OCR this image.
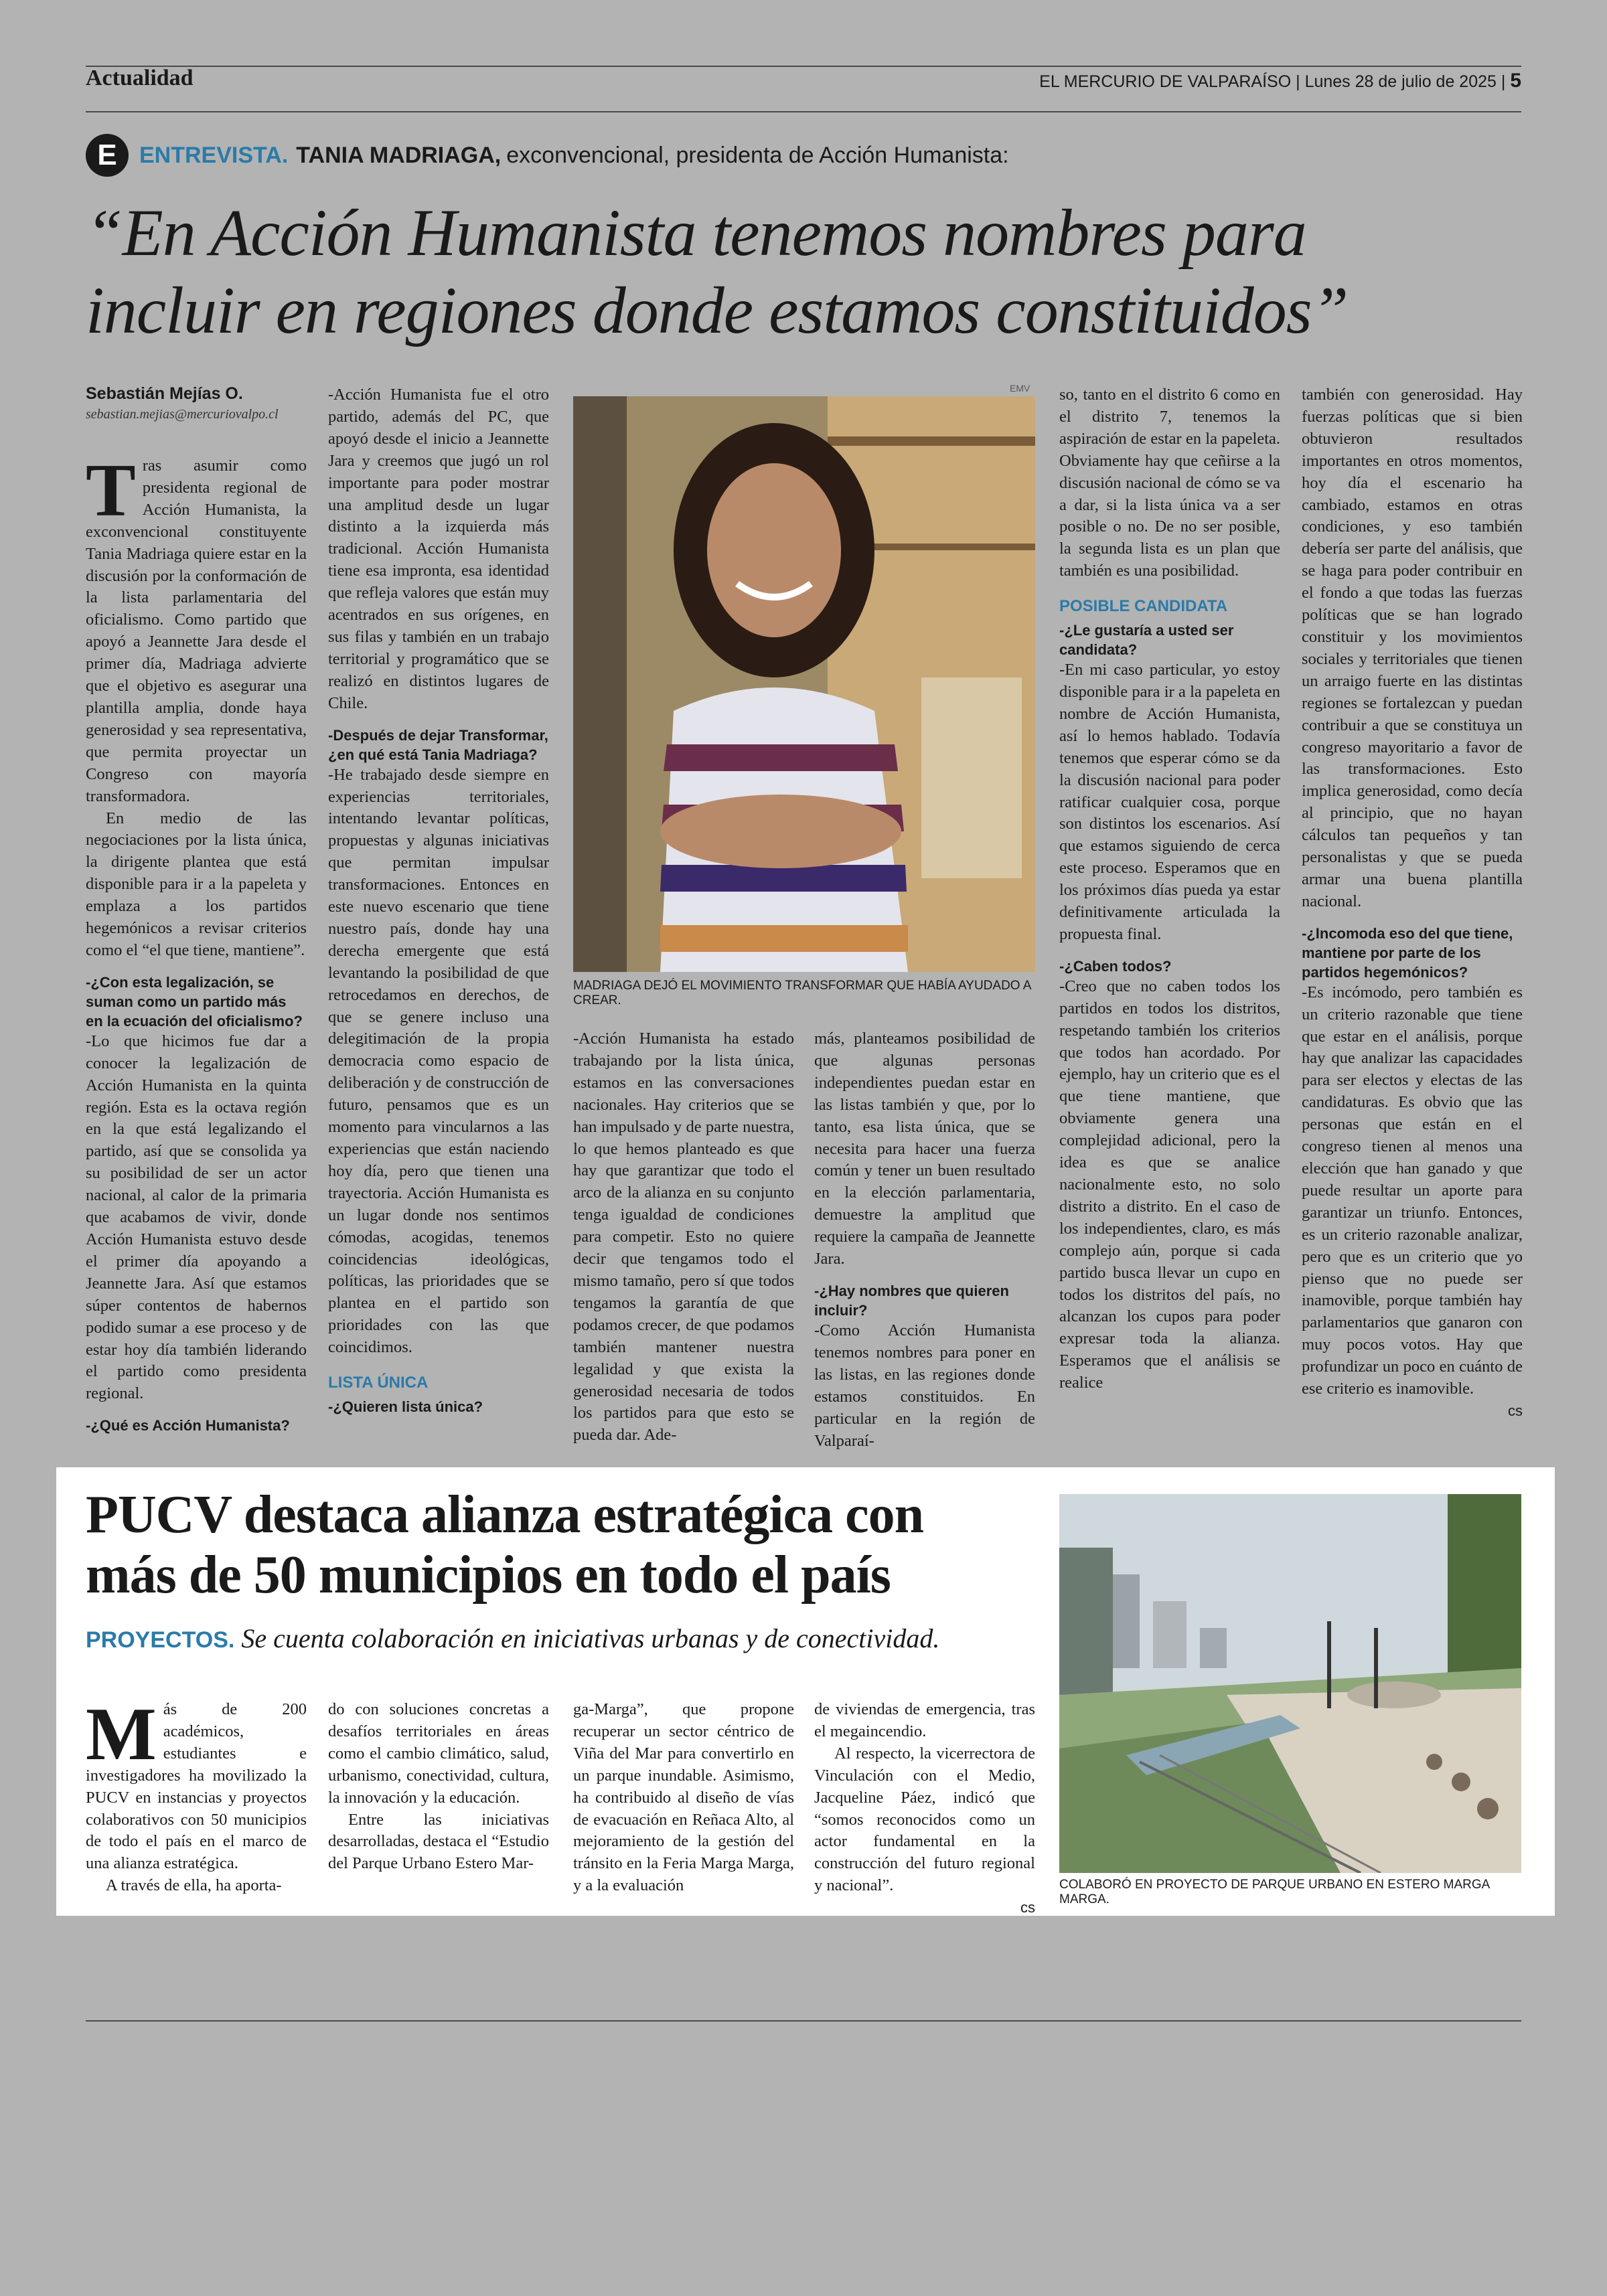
Actualidad	EL MERCURIO DE VALPARAÍSO | Lunes 28 de julio de 2025 | 5
E ENTREVISTA. TANIA MADRIAGA, exconvencional, presidenta de Acción Humanista:
“En Acción Humanista tenemos nombres para
incluir en regiones donde estamos constituidos”
Sebastián Mejías O.
sebastian.mejias@mercuriovalpo.cl

Tras asumir como presidenta regional de Acción Humanista, la exconvencional constituyente Tania Madriaga quiere estar en la discusión por la conformación de la lista parlamentaria del oficialismo. Como partido que apoyó a Jeannette Jara desde el primer día, Madriaga advierte que el objetivo es asegurar una plantilla amplia, donde haya generosidad y sea representativa, que permita proyectar un Congreso con mayoría transformadora.

En medio de las negociaciones por la lista única, la dirigente plantea que está disponible para ir a la papeleta y emplaza a los partidos hegemónicos a revisar criterios como el “el que tiene, mantiene”.

-¿Con esta legalización, se suman como un partido más en la ecuación del oficialismo?

-Lo que hicimos fue dar a conocer la legalización de Acción Humanista en la quinta región. Esta es la octava región en la que está legalizando el partido, así que se consolida ya su posibilidad de ser un actor nacional, al calor de la primaria que acabamos de vivir, donde Acción Humanista estuvo desde el primer día apoyando a Jeannette Jara. Así que estamos súper contentos de habernos podido sumar a ese proceso y de estar hoy día también liderando el partido como presidenta regional.

-¿Qué es Acción Humanista?

-Acción Humanista fue el otro partido, además del PC, que apoyó desde el inicio a Jeannette Jara y creemos que jugó un rol importante para poder mostrar una amplitud desde un lugar distinto a la izquierda más tradicional. Acción Humanista tiene esa impronta, esa identidad que refleja valores que están muy acentrados en sus orígenes, en sus filas y también en un trabajo territorial y programático que se realizó en distintos lugares de Chile.

-Después de dejar Transformar, ¿en qué está Tania Madriaga?

-He trabajado desde siempre en experiencias territoriales, intentando levantar políticas, propuestas y algunas iniciativas que permitan impulsar transformaciones. Entonces en este nuevo escenario que tiene nuestro país, donde hay una derecha emergente que está levantando la posibilidad de que retrocedamos en derechos, de que se genere incluso una delegitimación de la propia democracia como espacio de deliberación y de construcción de futuro, pensamos que es un momento para vincularnos a las experiencias que están naciendo hoy día, pero que tienen una trayectoria. Acción Humanista es un lugar donde nos sentimos cómodas, acogidas, tenemos coincidencias ideológicas, políticas, las prioridades que se plantea en el partido son prioridades con las que coincidimos.

LISTA ÚNICA

-¿Quieren lista única?

EMV
MADRIAGA DEJÓ EL MOVIMIENTO TRANSFORMAR QUE HABÍA AYUDADO A CREAR.

-Acción Humanista ha estado trabajando por la lista única, estamos en las conversaciones nacionales. Hay criterios que se han impulsado y de parte nuestra, lo que hemos planteado es que hay que garantizar que todo el arco de la alianza en su conjunto tenga igualdad de condiciones para competir. Esto no quiere decir que tengamos todo el mismo tamaño, pero sí que todos tengamos la garantía de que podamos crecer, de que podamos también mantener nuestra legalidad y que exista la generosidad necesaria de todos los partidos para que esto se pueda dar. Ade-

más, planteamos posibilidad de que algunas personas independientes puedan estar en las listas también y que, por lo tanto, esa lista única, que se necesita para hacer una fuerza común y tener un buen resultado en la elección parlamentaria, demuestre la amplitud que requiere la campaña de Jeannette Jara.

-¿Hay nombres que quieren incluir?

-Como Acción Humanista tenemos nombres para poner en las listas, en las regiones donde estamos constituidos. En particular en la región de Valparaí-

so, tanto en el distrito 6 como en el distrito 7, tenemos la aspiración de estar en la papeleta. Obviamente hay que ceñirse a la discusión nacional de cómo se va a dar, si la lista única va a ser posible o no. De no ser posible, la segunda lista es un plan que también es una posibilidad.

POSIBLE CANDIDATA

-¿Le gustaría a usted ser candidata?

-En mi caso particular, yo estoy disponible para ir a la papeleta en nombre de Acción Humanista, así lo hemos hablado. Todavía tenemos que esperar cómo se da la discusión nacional para poder ratificar cualquier cosa, porque son distintos los escenarios. Así que estamos siguiendo de cerca este proceso. Esperamos que en los próximos días pueda ya estar definitivamente articulada la propuesta final.

-¿Caben todos?

-Creo que no caben todos los partidos en todos los distritos, respetando también los criterios que todos han acordado. Por ejemplo, hay un criterio que es el que tiene mantiene, que obviamente genera una complejidad adicional, pero la idea es que se analice nacionalmente esto, no solo distrito a distrito. En el caso de los independientes, claro, es más complejo aún, porque si cada partido busca llevar un cupo en todos los distritos del país, no alcanzan los cupos para poder expresar toda la alianza. Esperamos que el análisis se realice

también con generosidad. Hay fuerzas políticas que si bien obtuvieron resultados importantes en otros momentos, hoy día el escenario ha cambiado, estamos en otras condiciones, y eso también debería ser parte del análisis, que se haga para poder contribuir en el fondo a que todas las fuerzas políticas que se han logrado constituir y los movimientos sociales y territoriales que tienen un arraigo fuerte en las distintas regiones se fortalezcan y puedan contribuir a que se constituya un congreso mayoritario a favor de las transformaciones. Esto implica generosidad, como decía al principio, que no hayan cálculos tan pequeños y tan personalistas y que se pueda armar una buena plantilla nacional.

-¿Incomoda eso del que tiene, mantiene por parte de los partidos hegemónicos?

-Es incómodo, pero también es un criterio razonable que tiene que estar en el análisis, porque hay que analizar las capacidades para ser electos y electas de las candidaturas. Es obvio que las personas que están en el congreso tienen al menos una elección que han ganado y que puede resultar un aporte para garantizar un triunfo. Entonces, es un criterio razonable analizar, pero que es un criterio que yo pienso que no puede ser inamovible, porque también hay parlamentarios que ganaron con muy pocos votos. Hay que profundizar un poco en cuánto de ese criterio es inamovible.

cs

PUCV destaca alianza estratégica con
más de 50 municipios en todo el país
PROYECTOS. Se cuenta colaboración en iniciativas urbanas y de conectividad.

Más de 200 académicos, estudiantes e investigadores ha movilizado la PUCV en instancias y proyectos colaborativos con 50 municipios de todo el país en el marco de una alianza estratégica.

A través de ella, ha aporta-

do con soluciones concretas a desafíos territoriales en áreas como el cambio climático, salud, urbanismo, conectividad, cultura, la innovación y la educación.

Entre las iniciativas desarrolladas, destaca el “Estudio del Parque Urbano Estero Mar-

ga-Marga”, que propone recuperar un sector céntrico de Viña del Mar para convertirlo en un parque inundable. Asimismo, ha contribuido al diseño de vías de evacuación en Reñaca Alto, al mejoramiento de la gestión del tránsito en la Feria Marga Marga, y a la evaluación

de viviendas de emergencia, tras el megaincendio.

Al respecto, la vicerrectora de Vinculación con el Medio, Jacqueline Páez, indicó que “somos reconocidos como un actor fundamental en la construcción del futuro regional y nacional”.

cs

COLABORÓ EN PROYECTO DE PARQUE URBANO EN ESTERO MARGA MARGA.
